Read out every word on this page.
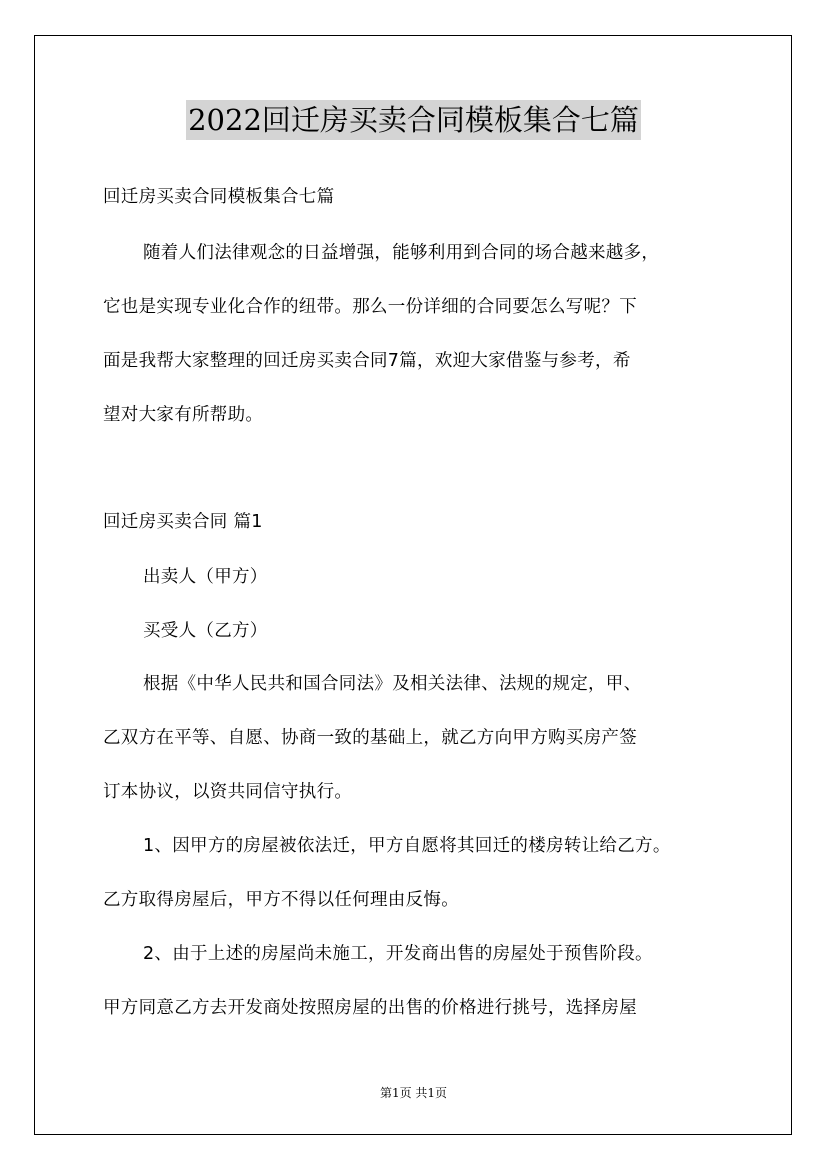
2022回迁房买卖合同模板集合七篇
回迁房买卖合同模板集合七篇
随着人们法律观念的日益增强，能够利用到合同的场合越来越多，
它也是实现专业化合作的纽带。那么一份详细的合同要怎么写呢？下
面是我帮大家整理的回迁房买卖合同7篇，欢迎大家借鉴与参考，希
望对大家有所帮助。
回迁房买卖合同 篇1
出卖人（甲方）
买受人（乙方）
根据《中华人民共和国合同法》及相关法律、法规的规定，甲、
乙双方在平等、自愿、协商一致的基础上，就乙方向甲方购买房产签
订本协议，以资共同信守执行。
1、因甲方的房屋被依法迁，甲方自愿将其回迁的楼房转让给乙方。
乙方取得房屋后，甲方不得以任何理由反悔。
2、由于上述的房屋尚未施工，开发商出售的房屋处于预售阶段。
甲方同意乙方去开发商处按照房屋的出售的价格进行挑号，选择房屋
第1页 共1页
